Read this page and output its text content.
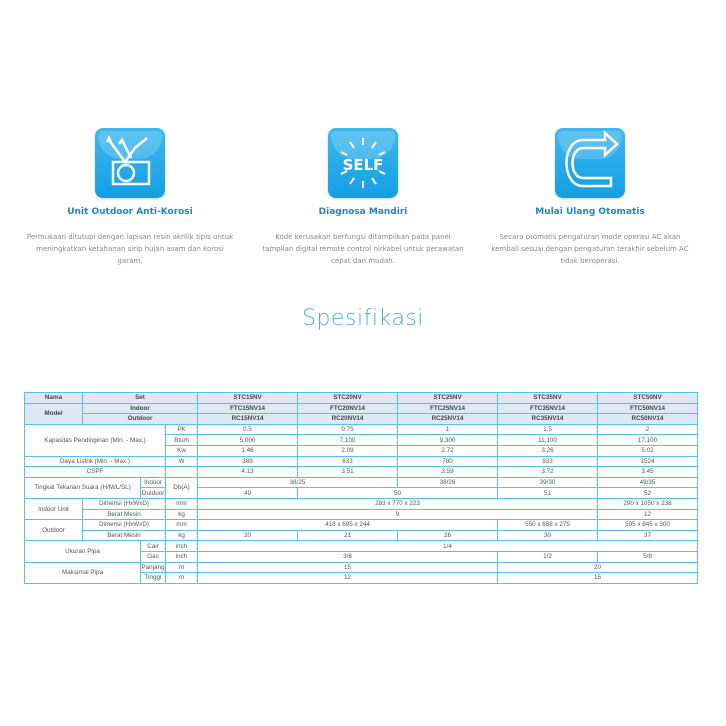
Unit Outdoor Anti-Korosi
Permukaan ditutupi dengan lapisan resin akrilik tipis untuk meningkatkan ketahanan sirip hujan asam dan korosi garam.
SELF
Diagnosa Mandiri
Kode kerusakan berfungsi ditampilkan pada panel tampilan digital remote control nirkabel untuk perawatan cepat dan mudah.
Mulai Ulang Otomatis
Secara otomatis pengaturan mode operasi AC akan kembali sesuai dengan pengaturan terakhir sebelum AC tidak beroperasi.
Spesifikasi
Nama	Set			STC15NV	STC20NV	STC25NV	STC35NV	STC50NV
Model	Indoor			FTC15NV14	FTC20NV14	FTC25NV14	FTC35NV14	FTC50NV14
	Outdoor			RC15NV14	RC20NV14	RC25NV14	RC35NV14	RC50NV14
Kapasitas Pendinginan (Min. - Max.)			PK	0.5	0.75	1	1.5	2
			Btu/h	5,000	7,100	9,300	11,100	17,100
			Kw	1.46	2.09	2.72	3.26	5.02
Daya Listrik (Min. - Max.)			W	389	633	780	933	1524
CSPF				4.13	3.51	3.59	3.72	3.45
Tingkat Tekanan Suara (H/M/L/SL)		Indoor	Db(A)	38/25		38/26	39/30	48/35
		Outdoor		49	50		51	52
Indoor Unit	Dimensi (HxWxD)		mm	283 x 770 x 223				290 x 1050 x 238
	Berat Mesin		kg	9				12
Outdoor	Dimensi (HxWxD)		mm	418 x 695 x 244			550 x 658 x 275	595 x 845 x 300
	Berat Mesin		kg	20	21	26	30	37
Ukuran Pipa		Cair	inch	1/4				
		Gas	inch	3/8			1/2	5/8
Maksimal Pipa		Panjang	m	15			20	
		Tinggi	m	12			15	
